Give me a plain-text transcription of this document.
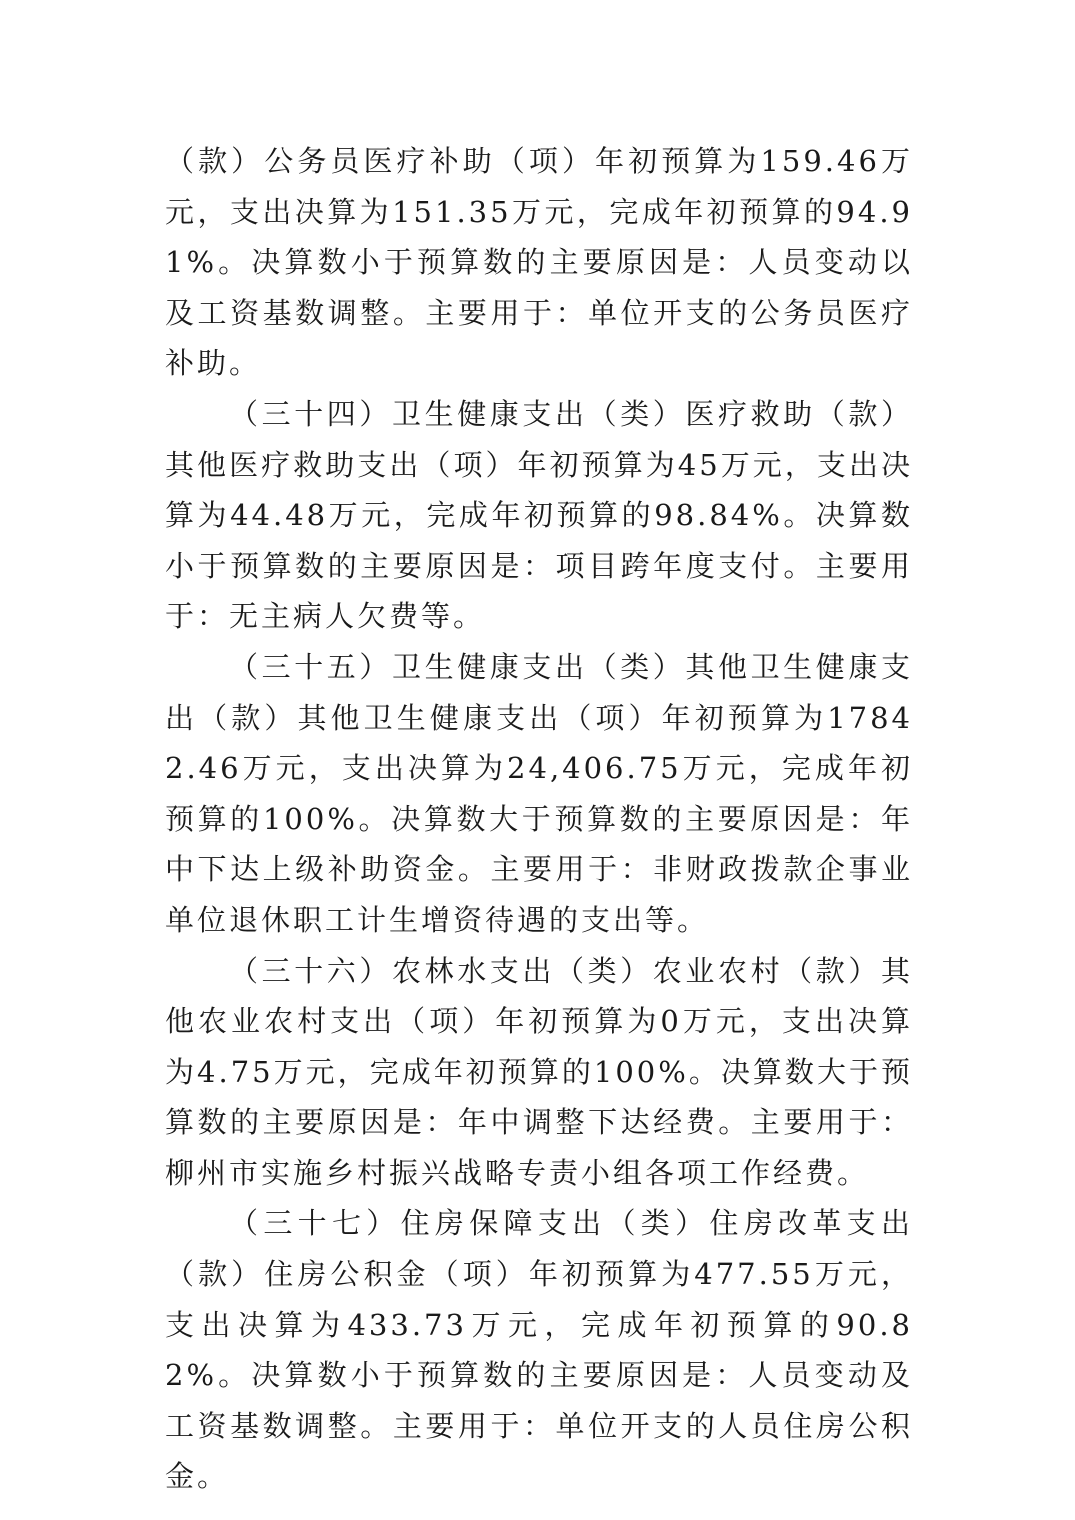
（款）公务员医疗补助（项）年初预算为159.46万元，支出决算为151.35万元，完成年初预算的94.91%。决算数小于预算数的主要原因是：人员变动以及工资基数调整。主要用于：单位开支的公务员医疗补助。

（三十四）卫生健康支出（类）医疗救助（款）其他医疗救助支出（项）年初预算为45万元，支出决算为44.48万元，完成年初预算的98.84%。决算数小于预算数的主要原因是：项目跨年度支付。主要用于：无主病人欠费等。

（三十五）卫生健康支出（类）其他卫生健康支出（款）其他卫生健康支出（项）年初预算为17842.46万元，支出决算为24,406.75万元，完成年初预算的100%。决算数大于预算数的主要原因是：年中下达上级补助资金。主要用于：非财政拨款企事业单位退休职工计生增资待遇的支出等。

（三十六）农林水支出（类）农业农村（款）其他农业农村支出（项）年初预算为0万元，支出决算为4.75万元，完成年初预算的100%。决算数大于预算数的主要原因是：年中调整下达经费。主要用于：柳州市实施乡村振兴战略专责小组各项工作经费。

（三十七）住房保障支出（类）住房改革支出（款）住房公积金（项）年初预算为477.55万元，支出决算为433.73万元，完成年初预算的90.82%。决算数小于预算数的主要原因是：人员变动及工资基数调整。主要用于：单位开支的人员住房公积金。
